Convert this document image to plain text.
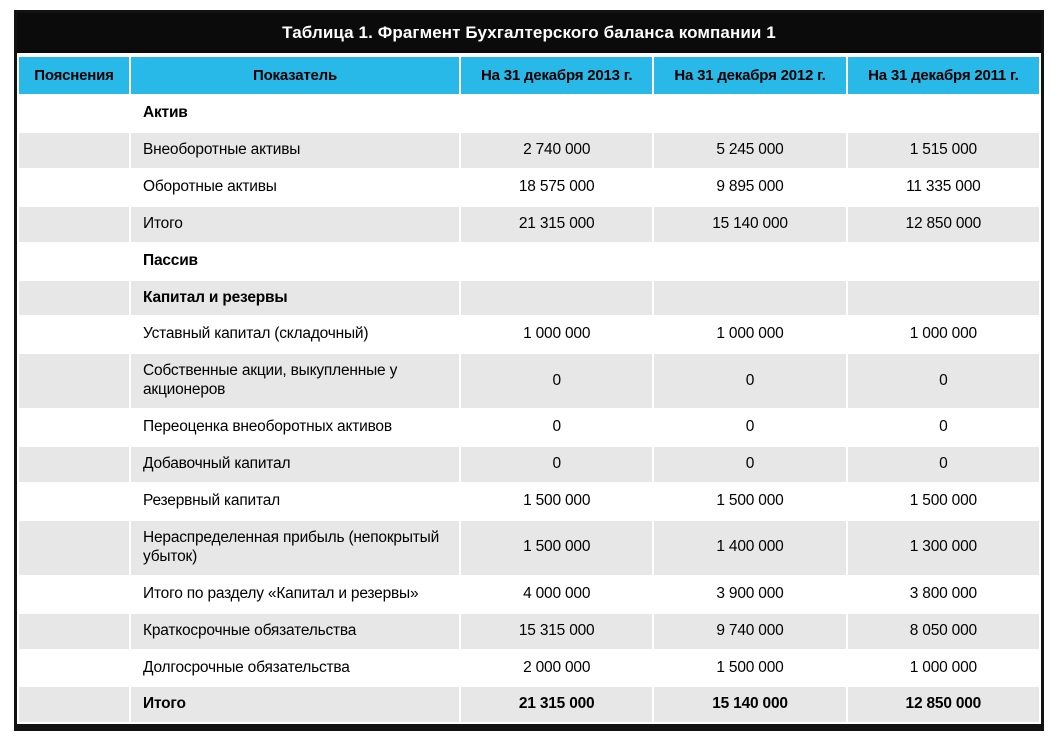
Таблица 1. Фрагмент Бухгалтерского баланса компании 1
Пояснения	Показатель	На 31 декабря 2013 г.	На 31 декабря 2012 г.	На 31 декабря 2011 г.
	Актив			
	Внеоборотные активы	2 740 000	5 245 000	1 515 000
	Оборотные активы	18 575 000	9 895 000	11 335 000
	Итого	21 315 000	15 140 000	12 850 000
	Пассив			
	Капитал и резервы			
	Уставный капитал (складочный)	1 000 000	1 000 000	1 000 000
	Собственные акции, выкупленные у акционеров	0	0	0
	Переоценка внеоборотных активов	0	0	0
	Добавочный капитал	0	0	0
	Резервный капитал	1 500 000	1 500 000	1 500 000
	Нераспределенная прибыль (непокрытый убыток)	1 500 000	1 400 000	1 300 000
	Итого по разделу «Капитал и резервы»	4 000 000	3 900 000	3 800 000
	Краткосрочные обязательства	15 315 000	9 740 000	8 050 000
	Долгосрочные обязательства	2 000 000	1 500 000	1 000 000
	Итого	21 315 000	15 140 000	12 850 000
